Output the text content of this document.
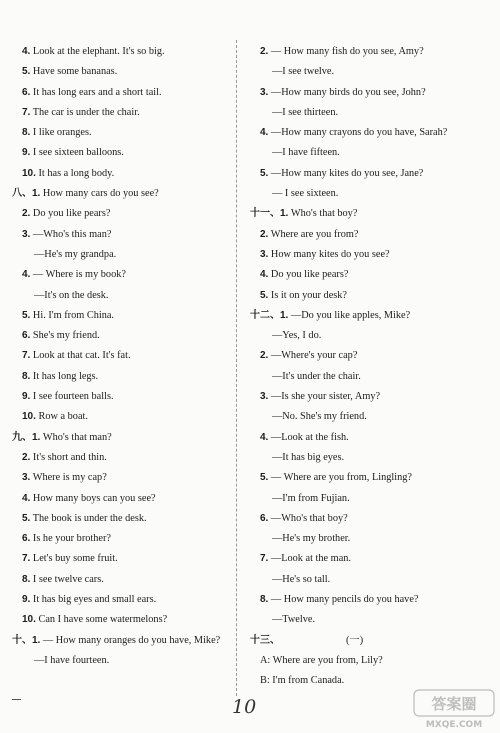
4. Look at the elephant. It's so big.
5. Have some bananas.
6. It has long ears and a short tail.
7. The car is under the chair.
8. I like oranges.
9. I see sixteen balloons.
10. It has a long body.
八、1. How many cars do you see?
2. Do you like pears?
3. —Who's this man?
—He's my grandpa.
4. — Where is my book?
—It's on the desk.
5. Hi. I'm from China.
6. She's my friend.
7. Look at that cat. It's fat.
8. It has long legs.
9. I see fourteen balls.
10. Row a boat.
九、1. Who's that man?
2. It's short and thin.
3. Where is my cap?
4. How many boys can you see?
5. The book is under the desk.
6. Is he your brother?
7. Let's buy some fruit.
8. I see twelve cars.
9. It has big eyes and small ears.
10. Can I have some watermelons?
十、1. — How many oranges do you have, Mike?
—I have fourteen.
2. — How many fish do you see, Amy?
—I see twelve.
3. —How many birds do you see, John?
—I see thirteen.
4. —How many crayons do you have, Sarah?
—I have fifteen.
5. —How many kites do you see, Jane?
— I see sixteen.
十一、1. Who's that boy?
2. Where are you from?
3. How many kites do you see?
4. Do you like pears?
5. Is it on your desk?
十二、1. —Do you like apples, Mike?
—Yes, I do.
2. —Where's your cap?
—It's under the chair.
3. —Is she your sister, Amy?
—No. She's my friend.
4. —Look at the fish.
—It has big eyes.
5. — Where are you from, Lingling?
—I'm from Fujian.
6. —Who's that boy?
—He's my brother.
7. —Look at the man.
—He's so tall.
8. — How many pencils do you have?
—Twelve.
十三、	(一)
A: Where are you from, Lily?
B: I'm from Canada.
10	答案圈
MXQE.COM
